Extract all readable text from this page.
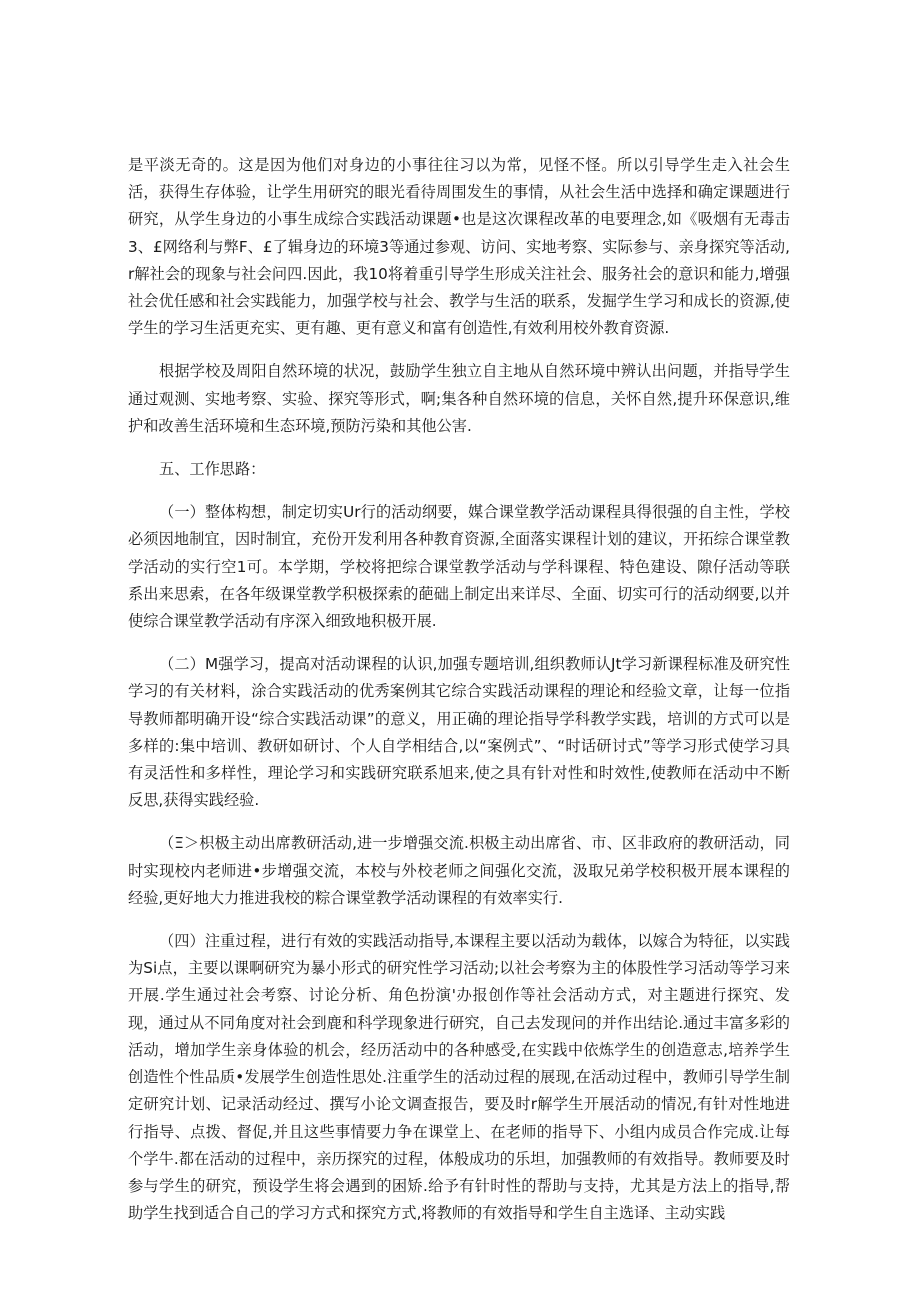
是平淡无奇的。这是因为他们对身边的小事往往习以为常，见怪不怪。所以引导学生走入社会生活，获得生存体验，让学生用研究的眼光看待周围发生的事情，从社会生活中选择和确定课题进行研究，从学生身边的小事生成综合实践活动课题•也是这次课程改革的电要理念,如《吸烟有无毒击3、£网络利与弊F、£了辑身边的环境3等通过参观、访问、实地考察、实际参与、亲身探究等活动,r解社会的现象与社会问四.因此，我10将着重引导学生形成关注社会、服务社会的意识和能力,增强社会优任感和社会实践能力，加强学校与社会、教学与生活的联系，发掘学生学习和成长的资源,使学生的学习生活更充实、更有趣、更有意义和富有创造性,有效利用校外教育资源.

根据学校及周阳自然环境的状况，鼓励学生独立自主地从自然环境中辨认出问题，并指导学生通过观测、实地考察、实验、探究等形式，啊;集各种自然环境的信息，关怀自然,提升环保意识,维护和改善生活环境和生态环境,预防污染和其他公害.

五、工作思路：

（一）整体构想，制定切实Ur行的活动纲要，媒合课堂教学活动课程具得很强的自主性，学校必须因地制宜，因时制宜，充份开发利用各种教育资源,全面落实课程计划的建议，开拓综合课堂教学活动的实行空1可。本学期，学校将把综合课堂教学活动与学科课程、特色建设、隙仔活动等联系出来思索，在各年级课堂教学积极探索的葩础上制定出来详尽、全面、切实可行的活动纲要,以并使综合课堂教学活动有序深入细致地积极开展.

（二）M强学习，提高对活动课程的认识,加强专题培训,组织教师认Jt学习新课程标准及研究性学习的有关材料，涂合实践活动的优秀案例其它综合实践活动课程的理论和经验文章，让每一位指导教师都明确开设“综合实践活动课”的意义，用正确的理论指导学科教学实践，培训的方式可以是多样的:集中培训、教研如研讨、个人自学相结合,以“案例式”、“时话研讨式”等学习形式使学习具有灵活性和多样性，理论学习和实践研究联系旭来,使之具有针对性和时效性,使教师在活动中不断反思,获得实践经验.

（Ξ＞枳极主动出席教研活动,进一步增强交流.枳极主动出席省、市、区非政府的教研活动，同时实现校内老师进•步增强交流，本校与外校老师之间强化交流，汲取兄弟学校积极开展本课程的经验,更好地大力推进我校的粽合课堂教学活动课程的有效率实行.

（四）注重过程，进行有效的实践活动指导,本课程主要以活动为载体，以嫁合为特征，以实践为Si点，主要以课啊研究为暴小形式的研究性学习活动;以社会考察为主的体股性学习活动等学习来开展.学生通过社会考察、讨论分析、角色扮演'办报创作等社会活动方式，对主题进行探究、发现，通过从不同角度对社会到鹿和科学现象进行研究，自己去发现问的并作出结论.通过丰富多彩的活动，增加学生亲身体验的机会，经历活动中的各种感受,在实践中依炼学生的创造意志,培养学生创造性个性品质•发展学生创造性思处.注重学生的活动过程的展现,在活动过程中，教师引导学生制定研究计划、记录活动经过、撰写小论文调查报告，要及时r解学生开展活动的情况,有针对性地进行指导、点拨、督促,并且这些事情要力争在课堂上、在老师的指导下、小组内成员合作完成.让每个学牛.都在活动的过程中，亲历探究的过程，体般成功的乐坦，加强教师的有效指导。教师要及时参与学生的研究，预设学生将会遇到的困矫.给予有针时性的帮助与支持，尤其是方法上的指导,帮助学生找到适合自己的学习方式和探究方式,将教师的有效指导和学生自主选译、主动实践
